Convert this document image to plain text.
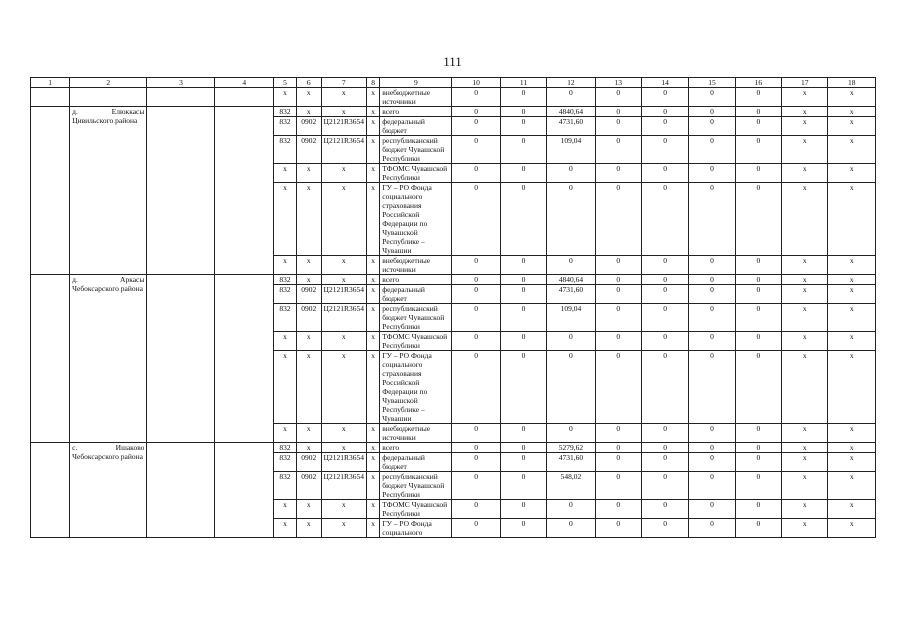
111
1	2	3	4	5	6	7	8	9	10	11	12	13	14	15	16	17	18
				x	x	x	x	внебюджетные источники	0	0	0	0	0	0	0	x	x
	д. Елюккасы Цивильского района			832	x	x	x	всего	0	0	4840,64	0	0	0	0	x	x
				832	0902	Ц2121R3654	x	федеральный бюджет	0	0	4731,60	0	0	0	0	x	x
				832	0902	Ц2121R3654	x	республиканский бюджет Чувашской Республики	0	0	109,04	0	0	0	0	x	x
				x	x	x	x	ТФОМС Чувашской Республики	0	0	0	0	0	0	0	x	x
				x	x	x	x	ГУ – РО Фонда социального страхования Российской Федерации по Чувашской Республике – Чувашии	0	0	0	0	0	0	0	x	x
				x	x	x	x	внебюджетные источники	0	0	0	0	0	0	0	x	x
	д. Аркасы Чебоксарского района			832	x	x	x	всего	0	0	4840,64	0	0	0	0	x	x
				832	0902	Ц2121R3654	x	федеральный бюджет	0	0	4731,60	0	0	0	0	x	x
				832	0902	Ц2121R3654	x	республиканский бюджет Чувашской Республики	0	0	109,04	0	0	0	0	x	x
				x	x	x	x	ТФОМС Чувашской Республики	0	0	0	0	0	0	0	x	x
				x	x	x	x	ГУ – РО Фонда социального страхования Российской Федерации по Чувашской Республике – Чувашии	0	0	0	0	0	0	0	x	x
				x	x	x	x	внебюджетные источники	0	0	0	0	0	0	0	x	x
	с. Ишаково Чебоксарского района			832	x	x	x	всего	0	0	5279,62	0	0	0	0	x	x
				832	0902	Ц2121R3654	x	федеральный бюджет	0	0	4731,60	0	0	0	0	x	x
				832	0902	Ц2121R3654	x	республиканский бюджет Чувашской Республики	0	0	548,02	0	0	0	0	x	x
				x	x	x	x	ТФОМС Чувашской Республики	0	0	0	0	0	0	0	x	x
				x	x	x	x	ГУ – РО Фонда социального	0	0	0	0	0	0	0	x	x
